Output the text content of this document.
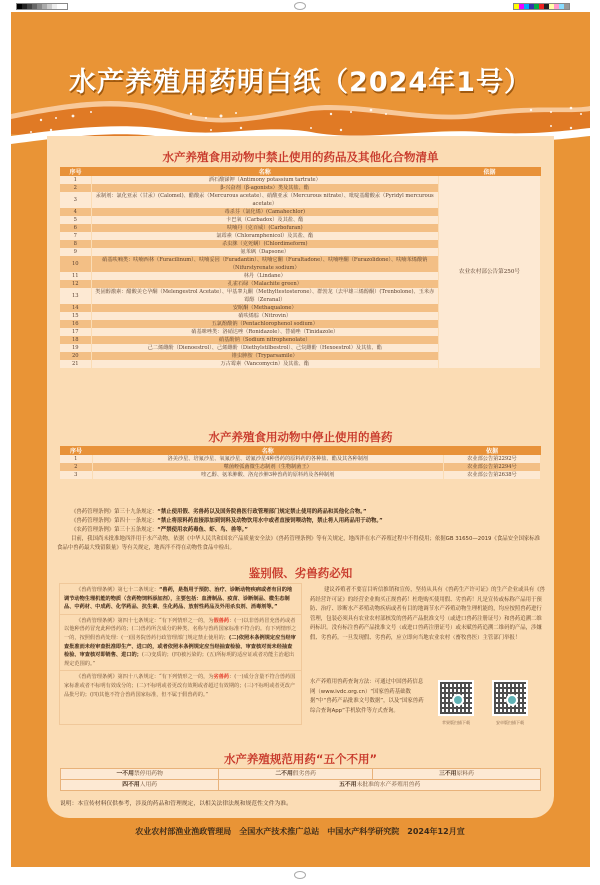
水产养殖用药明白纸（2024年1号）
水产养殖食用动物中禁止使用的药品及其他化合物清单
序号	名称	依据
1	酒石酸锑钾（Antimony potassium tartrate）	农业农村部公告第250号
2	β-兴奋剂（β-agonists）类及其盐、酯	
3	汞制剂：氯化亚汞（甘汞）(Calomel)、醋酸汞（Mercurous acetate）、硝酸亚汞（Mercurous nitrate）、吡啶基醋酸汞（Pyridyl mercurous acetate）	
4	毒杀芬（氯化烯）(Camahechlor)	
5	卡巴氧（Carbadox）及其盐、酯	
6	呋喃丹（克百威）(Carbofuran)	
7	氯霉素（Chloramphenicol）及其盐、酯	
8	杀虫脒（克死螨）(Chlordimeform)	
9	氨苯砜（Dapsone）	
10	硝基呋喃类：呋喃西林（Furacilinum）、呋喃妥因（Furadantin）、呋喃它酮（Furaltadone）、呋喃唑酮（Furazolidone）、呋喃苯烯酸钠（Nifurstyrenate sodium）	
11	林丹（Lindane）	
12	孔雀石绿（Malachite green）	
13	类固醇激素：醋酸美仑孕酮（Melengestrol Acetate）、甲基睾丸酮（Methyltestosterone）、群勃龙（去甲雄三烯醇酮）(Trenbolone)、玉米赤霉醇（Zeranal）	
14	安眠酮（Methaqualone）	
15	硝呋烯腙（Nitrovin）	
16	五氯酚酸钠（Pentachlorophenol sodium）	
17	硝基咪唑类：洛硝达唑（Ronidazole）、替硝唑（Tinidazole）	
18	硝基酚钠（Sodium nitrophenolate）	
19	己二烯雌酚（Dienoestrol）、己烯雌酚（Diethylstilbestrol）、己烷雌酚（Hexoestrol）及其盐、酯	
20	锥虫胂胺（Tryparsamile）	
21	万古霉素（Vancomycin）及其盐、酯	
水产养殖食用动物中停止使用的兽药
序号	名称	依据
1	洛美沙星、培氟沙星、氧氟沙星、诺氟沙星4种兽药的原料药的各种盐、酯及其各种制剂	农业部公告第2292号
2	噬菌蛭弧菌微生态制剂（生物制菌王）	农业部公告第2294号
3	喹乙醇、氨苯胂酸、洛克沙胂3种兽药的原料药及各种制剂	农业部公告第2638号

《兽药管理条例》第三十九条规定：“禁止使用假、劣兽药以及国务院兽医行政管理部门规定禁止使用的药品和其他化合物。”

《兽药管理条例》第四十一条规定：“禁止将原料药直接添加到饲料及动物饮用水中或者直接饲喂动物，禁止将人用药品用于动物。”

《农药管理条例》第三十五条规定：“严禁使用农药毒鱼、虾、鸟、兽等。”

目前，我国尚未批准地西泮用于水产动物，依据《中华人民共和国农产品质量安全法》《兽药管理条例》等有关规定，地西泮在水产养殖过程中不得使用；依据GB 31650—2019《食品安全国家标准 食品中兽药最大残留限量》等有关规定，地西泮不得在动物性食品中检出。

鉴别假、劣兽药必知
《兽药管理条例》第七十二条规定：“兽药，是指用于预防、治疗、诊断动物疾病或者有目的地调节动物生理机能的物质（含药物饲料添加剂），主要包括：血清制品、疫苗、诊断制品、微生态制品、中药材、中成药、化学药品、抗生素、生化药品、放射性药品及外用杀虫剂、消毒剂等。”
《兽药管理条例》第四十七条规定：“有下列情形之一的，为假兽药：(一)以非兽药冒充兽药或者以他种兽药冒充此种兽药的；(二)兽药所含成分的种类、名称与兽药国家标准不符合的。有下列情形之一的，按照假兽药处理：(一)国务院兽药行政管理部门规定禁止使用的；(二)依照本条例规定应当经审查批准而未经审查批准即生产、进口的，或者依照本条例规定应当经抽查检验、审查核对而未经抽查检验、审查核对即销售、进口的；(三)变质的；(四)被污染的；(五)所标明的适应证或者功能主治超出规定范围的。”
《兽药管理条例》第四十八条规定：“有下列情形之一的，为劣兽药：(一)成分含量不符合兽药国家标准或者不标明有效成分的；(二)不标明或者更改有效期或者超过有效期的；(三)不标明或者更改产品批号的；(四)其他不符合兽药国家标准，但不属于假兽药的。”

建议养殖者不要盲目听信推销和宣传，坚持从具有《兽药生产许可证》的生产企业或具有《兽药经营许可证》的经营企业购买正规兽药！杜绝购买使用假、劣兽药！凡是宣传或标称产品用于预防、治疗、诊断水产养殖动物疾病或者有目的地调节水产养殖动物生理机能的，均应按照兽药进行管理，包装必须具有农业农村部核发的兽药产品批准文号（或进口兽药注册证号）和兽药追溯二维码标识。没有标注兽药产品批准文号（或进口兽药注册证号）或未赋兽药追溯二维码的产品，涉嫌假、劣兽药。一旦发现假、劣兽药，应立即向当地农业农村（畜牧兽医）主管部门举报！

水产养殖用兽药查询方法：可通过中国兽药信息网（www.ivdc.org.cn）“国家兽药基础数据”中“兽药产品批准文号数据”，以及“国家兽药综合查询App”手机软件等方式查询。
苹果版扫描下载	安卓版扫描下载
水产养殖规范用药“五个不用”
一不用禁停用药物	二不用假劣兽药	三不用原料药
四不用人用药	五不用未批准的水产养殖用兽药	
说明：本宣传材料仅供参考，涉及的药品和管理规定，以相关法律法规和规范性文件为准。
农业农村部渔业渔政管理局　全国水产技术推广总站　中国水产科学研究院　2024年12月宣
